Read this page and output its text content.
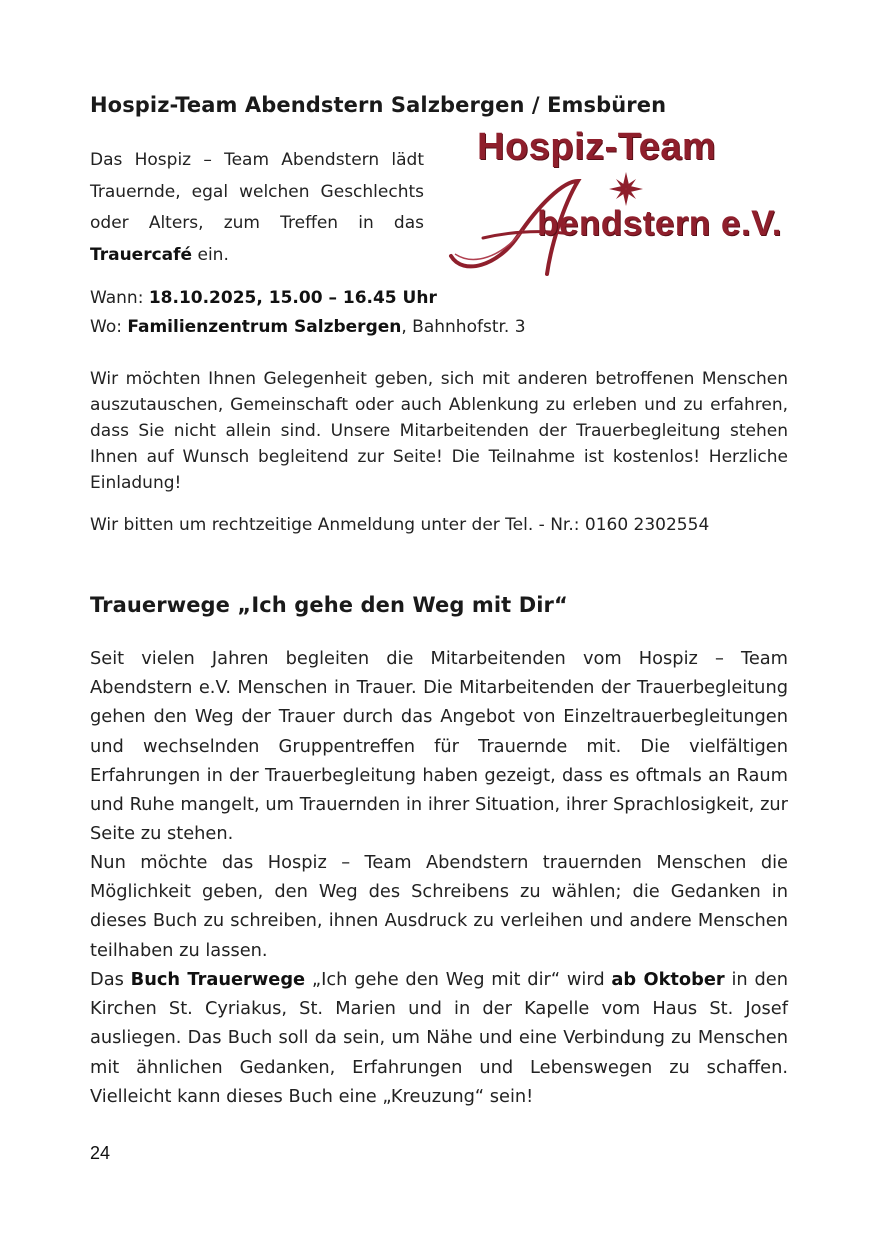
Hospiz-Team Abendstern Salzbergen / Emsbüren
Das Hospiz – Team Abendstern lädt Trauernde, egal welchen Geschlechts oder Alters, zum Treffen in das Trauercafé ein.
Hospiz-Team
bendstern e.V.
Wann: 18.10.2025, 15.00 – 16.45 Uhr
Wo: Familienzentrum Salzbergen, Bahnhofstr. 3
Wir möchten Ihnen Gelegenheit geben, sich mit anderen betroffenen Menschen auszutauschen, Gemeinschaft oder auch Ablenkung zu erleben und zu erfahren, dass Sie nicht allein sind. Unsere Mitarbeitenden der Trauerbegleitung stehen Ihnen auf Wunsch begleitend zur Seite! Die Teilnahme ist kostenlos! Herzliche Einladung!
Wir bitten um rechtzeitige Anmeldung unter der Tel. - Nr.: 0160 2302554
Trauerwege „Ich gehe den Weg mit Dir“
Seit vielen Jahren begleiten die Mitarbeitenden vom Hospiz – Team Abendstern e.V. Menschen in Trauer. Die Mitarbeitenden der Trauerbegleitung gehen den Weg der Trauer durch das Angebot von Einzeltrauerbegleitungen und wechselnden Gruppentreffen für Trauernde mit. Die vielfältigen Erfahrungen in der Trauerbegleitung haben gezeigt, dass es oftmals an Raum und Ruhe mangelt, um Trauernden in ihrer Situation, ihrer Sprachlosigkeit, zur Seite zu stehen.
Nun möchte das Hospiz – Team Abendstern trauernden Menschen die Möglichkeit geben, den Weg des Schreibens zu wählen; die Gedanken in dieses Buch zu schreiben, ihnen Ausdruck zu verleihen und andere Menschen teilhaben zu lassen.
Das Buch Trauerwege „Ich gehe den Weg mit dir“ wird ab Oktober in den Kirchen St. Cyriakus, St. Marien und in der Kapelle vom Haus St. Josef ausliegen. Das Buch soll da sein, um Nähe und eine Verbindung zu Menschen mit ähnlichen Gedanken, Erfahrungen und Lebenswegen zu schaffen. Vielleicht kann dieses Buch eine „Kreuzung“ sein!
24
